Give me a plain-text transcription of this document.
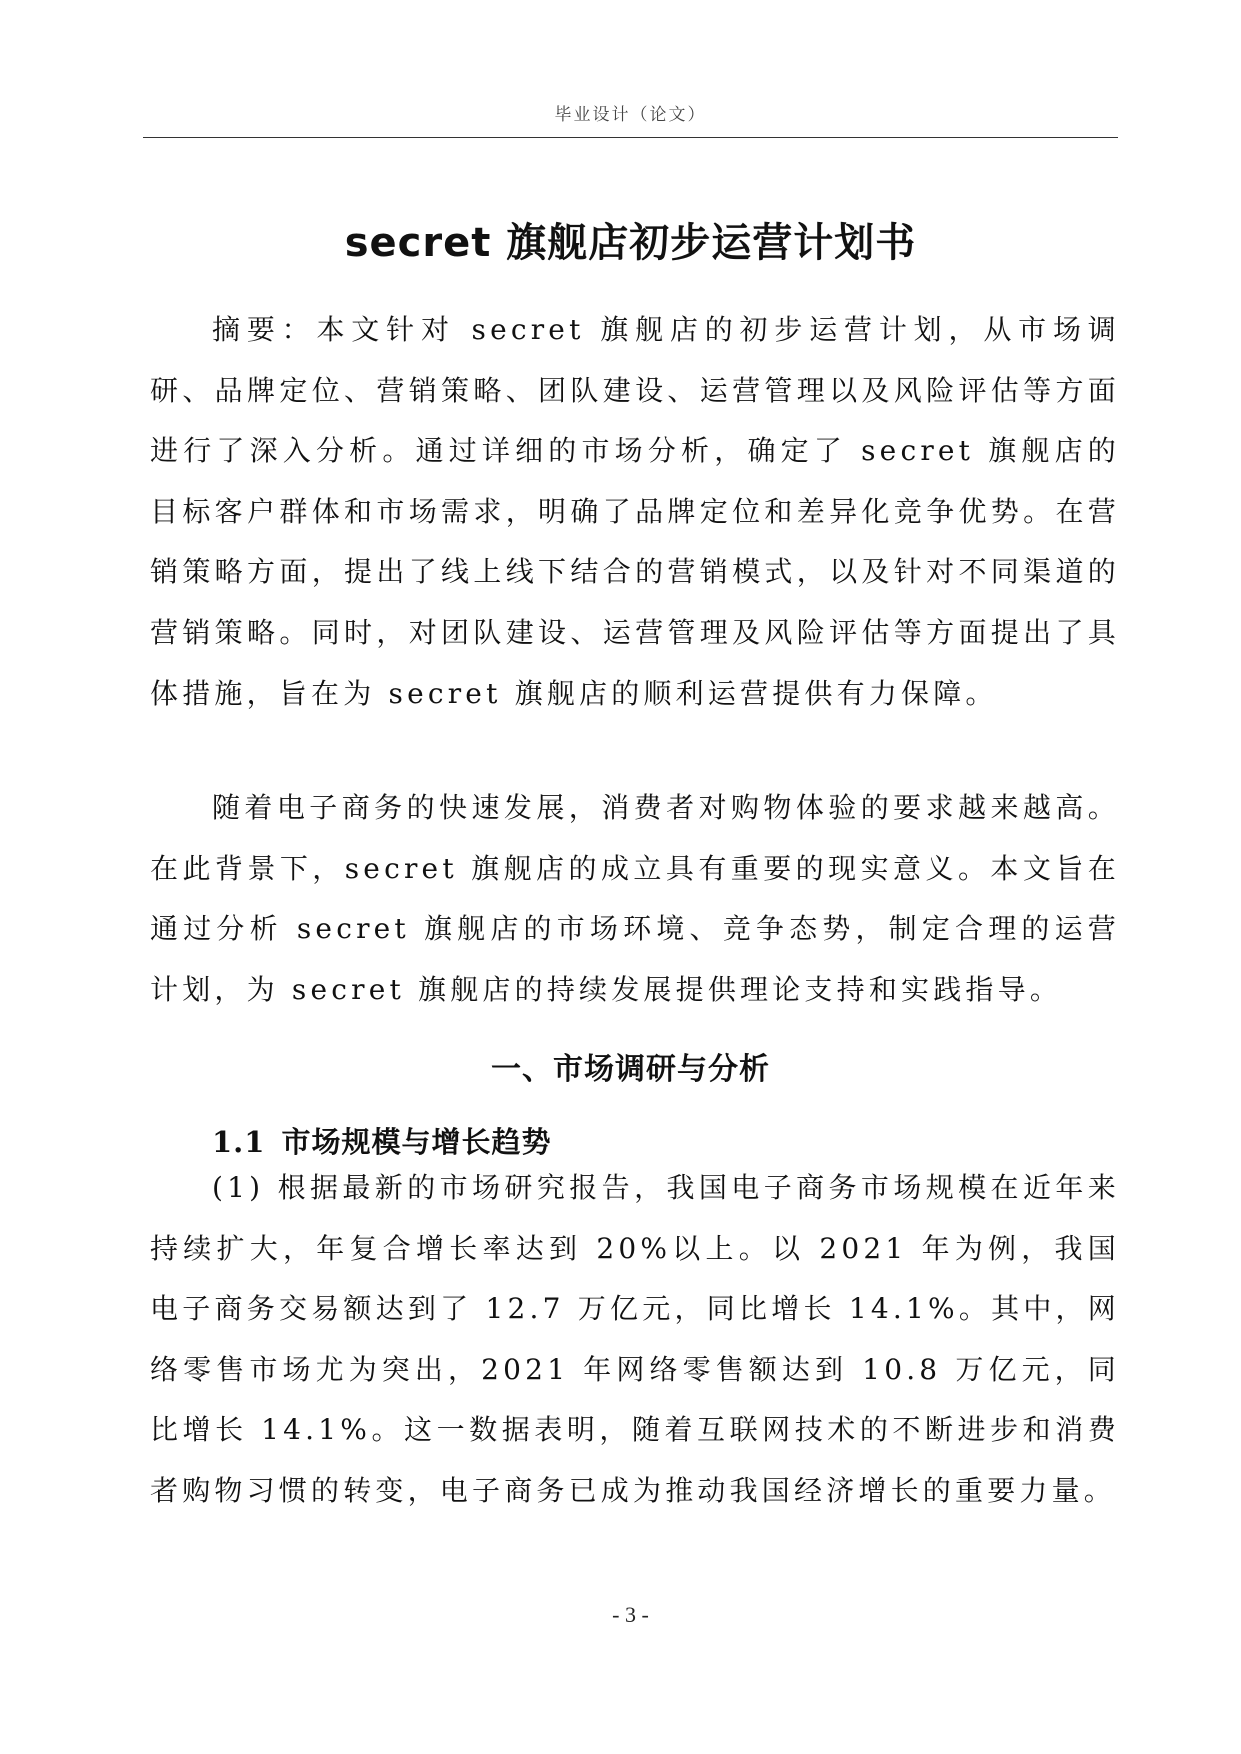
毕业设计（论文）
secret 旗舰店初步运营计划书

摘要：本文针对 secret 旗舰店的初步运营计划，从市场调研、品牌定位、营销策略、团队建设、运营管理以及风险评估等方面进行了深入分析。通过详细的市场分析，确定了 secret 旗舰店的目标客户群体和市场需求，明确了品牌定位和差异化竞争优势。在营销策略方面，提出了线上线下结合的营销模式，以及针对不同渠道的营销策略。同时，对团队建设、运营管理及风险评估等方面提出了具体措施，旨在为 secret 旗舰店的顺利运营提供有力保障。

随着电子商务的快速发展，消费者对购物体验的要求越来越高。在此背景下，secret 旗舰店的成立具有重要的现实意义。本文旨在通过分析 secret 旗舰店的市场环境、竞争态势，制定合理的运营计划，为 secret 旗舰店的持续发展提供理论支持和实践指导。

一、市场调研与分析
1.1 市场规模与增长趋势

(1) 根据最新的市场研究报告，我国电子商务市场规模在近年来持续扩大，年复合增长率达到 20%以上。以 2021 年为例，我国电子商务交易额达到了 12.7 万亿元，同比增长 14.1%。其中，网络零售市场尤为突出，2021 年网络零售额达到 10.8 万亿元，同比增长 14.1%。这一数据表明，随着互联网技术的不断进步和消费者购物习惯的转变，电子商务已成为推动我国经济增长的重要力量。

- 3 -
